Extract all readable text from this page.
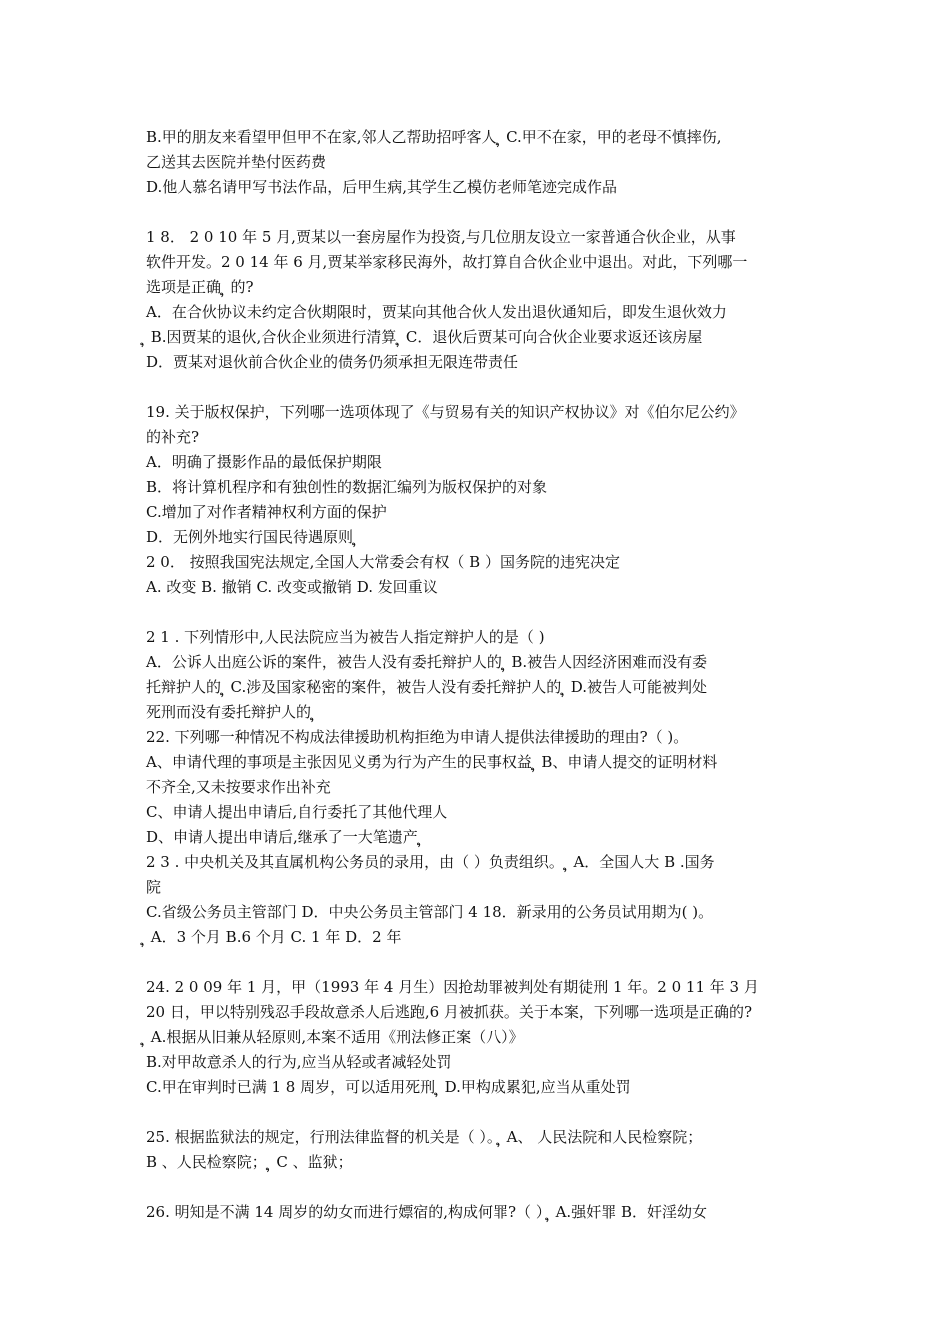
B.甲的朋友来看望甲但甲不在家,邻人乙帮助招呼客人 ຸ C.甲不在家，甲的老母不慎摔伤,
乙送其去医院并垫付医药费
D.他人慕名请甲写书法作品，后甲生病,其学生乙模仿老师笔迹完成作品
1 8． 2 0 10 年 5 月,贾某以一套房屋作为投资,与几位朋友设立一家普通合伙企业，从事
软件开发。2 0 14 年 6 月,贾某举家移民海外，故打算自合伙企业中退出。对此，下列哪一
选项是正确 ຸ 的?
A．在合伙协议未约定合伙期限时，贾某向其他合伙人发出退伙通知后，即发生退伙效力
ຸ B.因贾某的退伙,合伙企业须进行清算 ຸ C．退伙后贾某可向合伙企业要求返还该房屋
D．贾某对退伙前合伙企业的债务仍须承担无限连带责任
19. 关于版权保护，下列哪一选项体现了《与贸易有关的知识产权协议》对《伯尔尼公约》
的补充?
A．明确了摄影作品的最低保护期限
B．将计算机程序和有独创性的数据汇编列为版权保护的对象
C.增加了对作者精神权利方面的保护
D．无例外地实行国民待遇原则 ຸ
2 0． 按照我国宪法规定,全国人大常委会有权（ B ）国务院的违宪决定
A. 改变 B. 撤销 C. 改变或撤销 D. 发回重议
2 1 . 下列情形中,人民法院应当为被告人指定辩护人的是（ )
A．公诉人出庭公诉的案件，被告人没有委托辩护人的 ຸ B.被告人因经济困难而没有委
托辩护人的 ຸ C.涉及国家秘密的案件，被告人没有委托辩护人的 ຸ D.被告人可能被判处
死刑而没有委托辩护人的 ຸ
22. 下列哪一种情况不构成法律援助机构拒绝为申请人提供法律援助的理由?（ )。
A、申请代理的事项是主张因见义勇为行为产生的民事权益 ຸ B、申请人提交的证明材料
不齐全,又未按要求作出补充
C、申请人提出申请后,自行委托了其他代理人
D、申请人提出申请后,继承了一大笔遗产 ຸ
2 3 . 中央机关及其直属机构公务员的录用，由（ ）负责组织。 ຸ A．全国人大 B .国务
院
C.省级公务员主管部门 D．中央公务员主管部门 4 18．新录用的公务员试用期为( )。
ຸ A．3 个月 B.6 个月 C. 1 年 D．2 年
24. 2 0 09 年 1 月，甲（1993 年 4 月生）因抢劫罪被判处有期徒刑 1 年。2 0 11 年 3 月
20 日，甲以特别残忍手段故意杀人后逃跑,6 月被抓获。关于本案，下列哪一选项是正确的?
ຸ A.根据从旧兼从轻原则,本案不适用《刑法修正案（八）》
B.对甲故意杀人的行为,应当从轻或者减轻处罚
C.甲在审判时已满 1 8 周岁，可以适用死刑 ຸ D.甲构成累犯,应当从重处罚
25. 根据监狱法的规定，行刑法律监督的机关是（ ）。ຸ A、 人民法院和人民检察院；
B 、人民检察院； ຸ C 、监狱；
26. 明知是不满 14 周岁的幼女而进行嫖宿的,构成何罪?（ ）ຸ A.强奸罪 B．奸淫幼女
